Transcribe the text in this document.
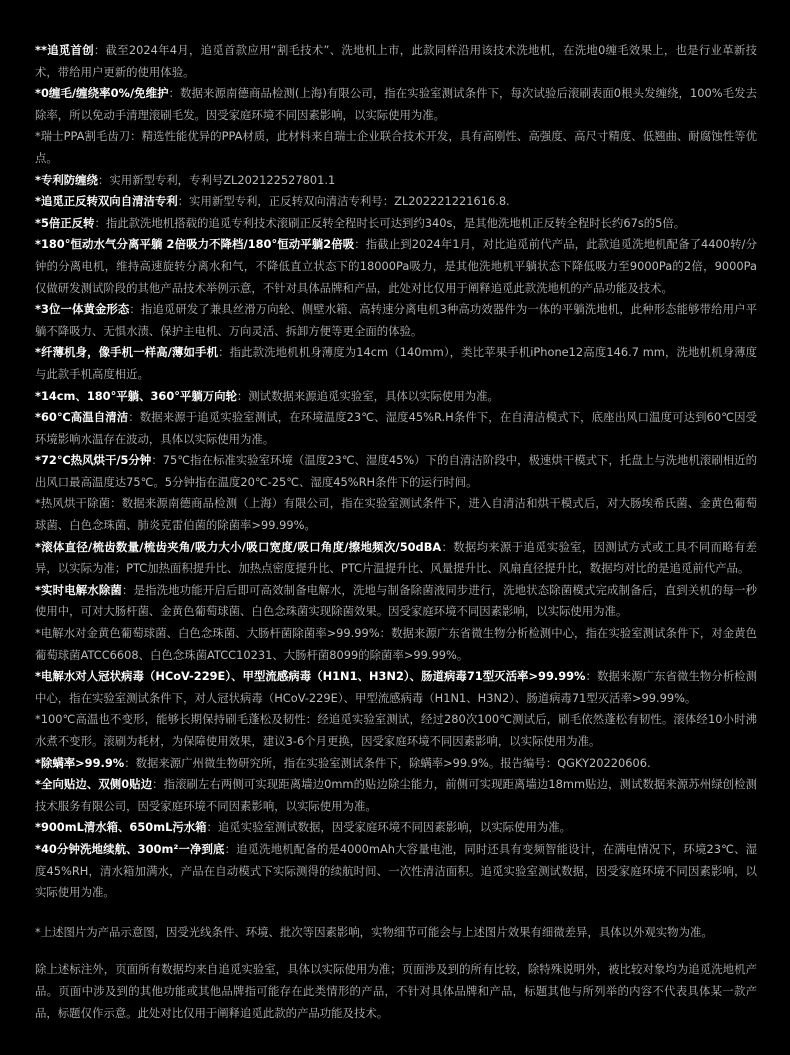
**追觅首创：截至2024年4月，追觅首款应用“割毛技术”、洗地机上市，此款同样沿用该技术洗地机，在洗地0缠毛效果上，也是行业革新技术，带给用户更新的使用体验。

*0缠毛/缠绕率0%/免维护：数据来源南德商品检测(上海)有限公司，指在实验室测试条件下，每次试验后滚刷表面0根头发缠绕，100%毛发去除率，所以免动手清理滚刷毛发。因受家庭环境不同因素影响，以实际使用为准。

*瑞士PPA割毛齿刀：精选性能优异的PPA材质，此材料来自瑞士企业联合技术开发，具有高刚性、高强度、高尺寸精度、低翘曲、耐腐蚀性等优点。

*专利防缠绕：实用新型专利，专利号ZL202122527801.1

*追觅正反转双向自清洁专利：实用新型专利，正反转双向清洁专利号：ZL202221221616.8.

*5倍正反转：指此款洗地机搭载的追觅专利技术滚刷正反转全程时长可达到约340s，是其他洗地机正反转全程时长约67s的5倍。

*180°恒动水气分离平躺 2倍吸力不降档/180°恒动平躺2倍吸：指截止到2024年1月，对比追觅前代产品，此款追觅洗地机配备了4400转/分钟的分离电机，维持高速旋转分离水和气，不降低直立状态下的18000Pa吸力，是其他洗地机平躺状态下降低吸力至9000Pa的2倍，9000Pa仅做研发测试阶段的其他产品技术举例示意，不针对具体品牌和产品，此处对比仅用于阐释追觅此款洗地机的产品功能及技术。

*3位一体黄金形态：指追觅研发了兼具丝滑万向轮、侧壁水箱、高转速分离电机3种高功效器件为一体的平躺洗地机，此种形态能够带给用户平躺不降吸力、无惧水渍、保护主电机、万向灵活、拆卸方便等更全面的体验。

*纤薄机身，像手机一样高/薄如手机：指此款洗地机机身薄度为14cm（140mm），类比苹果手机iPhone12高度146.7 mm，洗地机机身薄度与此款手机高度相近。

*14cm、180°平躺、360°平躺万向轮：测试数据来源追觅实验室，具体以实际使用为准。

*60℃高温自清洁：数据来源于追觅实验室测试，在环境温度23℃、湿度45%R.H条件下，在自清洁模式下，底座出风口温度可达到60℃因受环境影响水温存在波动，具体以实际使用为准。

*72℃热风烘干/5分钟：75℃指在标准实验室环境（温度23℃、湿度45%）下的自清洁阶段中，极速烘干模式下，托盘上与洗地机滚刷相近的出风口最高温度达75℃。5分钟指在温度20℃-25℃、湿度45%RH条件下的运行时间。

*热风烘干除菌：数据来源南德商品检测（上海）有限公司，指在实验室测试条件下，进入自清洁和烘干模式后，对大肠埃希氏菌、金黄色葡萄球菌、白色念珠菌、肺炎克雷伯菌的除菌率>99.99%。

*滚体直径/梳齿数量/梳齿夹角/吸力大小/吸口宽度/吸口角度/擦地频次/50dBA：数据均来源于追觅实验室，因测试方式或工具不同而略有差异，以实际为准；PTC加热面积提升比、加热点密度提升比、PTC片温提升比、风量提升比、风扇直径提升比，数据均对比的是追觅前代产品。

*实时电解水除菌：是指洗地功能开启后即可高效制备电解水，洗地与制备除菌液同步进行，洗地状态除菌模式完成制备后，直到关机的每一秒使用中，可对大肠杆菌、金黄色葡萄球菌、白色念珠菌实现除菌效果。因受家庭环境不同因素影响，以实际使用为准。

*电解水对金黄色葡萄球菌、白色念珠菌、大肠杆菌除菌率>99.99%：数据来源广东省微生物分析检测中心，指在实验室测试条件下，对金黄色葡萄球菌ATCC6608、白色念珠菌ATCC10231、大肠杆菌8099的除菌率>99.99%。

*电解水对人冠状病毒（HCoV-229E）、甲型流感病毒（H1N1、H3N2）、肠道病毒71型灭活率>99.99%：数据来源广东省微生物分析检测中心，指在实验室测试条件下，对人冠状病毒（HCoV-229E）、甲型流感病毒（H1N1、H3N2）、肠道病毒71型灭活率>99.99%。

*100℃高温也不变形，能够长期保持刷毛蓬松及韧性：经追觅实验室测试，经过280次100℃测试后，刷毛依然蓬松有韧性。滚体经10小时沸水煮不变形。滚刷为耗材，为保障使用效果，建议3-6个月更换，因受家庭环境不同因素影响，以实际使用为准。

*除螨率>99.9%：数据来源广州微生物研究所，指在实验室测试条件下，除螨率>99.9%。报告编号：QGKY20220606.

*全向贴边、双侧0贴边：指滚刷左右两侧可实现距离墙边0mm的贴边除尘能力，前侧可实现距离墙边18mm贴边，测试数据来源苏州绿创检测技术服务有限公司，因受家庭环境不同因素影响，以实际使用为准。

*900mL清水箱、650mL污水箱：追觅实验室测试数据，因受家庭环境不同因素影响，以实际使用为准。

*40分钟洗地续航、300m²一净到底：追觅洗地机配备的是4000mAh大容量电池，同时还具有变频智能设计，在满电情况下，环境23℃、湿度45%RH，清水箱加满水，产品在自动模式下实际测得的续航时间、一次性清洁面积。追觅实验室测试数据，因受家庭环境不同因素影响，以实际使用为准。

*上述图片为产品示意图，因受光线条件、环境、批次等因素影响，实物细节可能会与上述图片效果有细微差异，具体以外观实物为准。

除上述标注外，页面所有数据均来自追觅实验室，具体以实际使用为准；页面涉及到的所有比较，除特殊说明外，被比较对象均为追觅洗地机产品。页面中涉及到的其他功能或其他品牌指可能存在此类情形的产品，不针对具体品牌和产品，标题其他与所列举的内容不代表具体某一款产品，标题仅作示意。此处对比仅用于阐释追觅此款的产品功能及技术。
